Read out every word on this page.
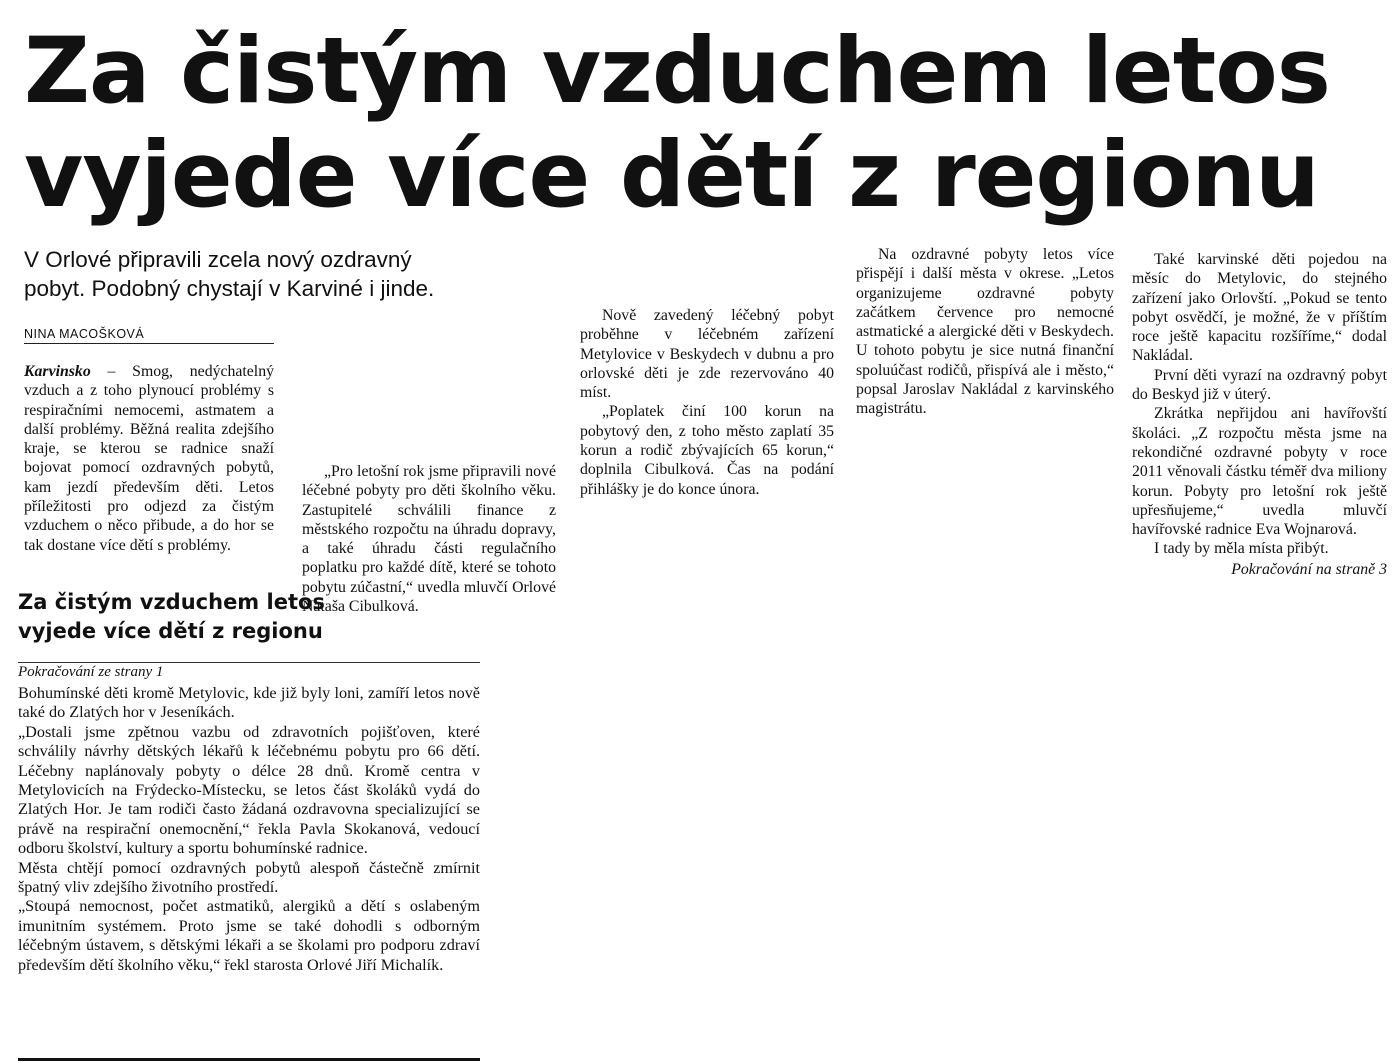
Za čistým vzduchem letos
vyjede více dětí z regionu

V Orlové připravili zcela nový ozdravný
pobyt. Podobný chystají v Karviné i jinde.

NINA MACOŠKOVÁ

Karvinsko – Smog, nedýchatelný vzduch a z toho plynoucí problémy s respiračními nemocemi, astmatem a další problémy. Běžná realita zdejšího kraje, se kterou se radnice snaží bojovat pomocí ozdravných pobytů, kam jezdí především děti. Letos příležitosti pro odjezd za čistým vzduchem o něco přibude, a do hor se tak dostane více dětí s problémy.

„Pro letošní rok jsme připravili nové léčebné pobyty pro děti školního věku. Zastupitelé schválili finance z městského rozpočtu na úhradu dopravy, a také úhradu části regulačního poplatku pro každé dítě, které se tohoto pobytu zúčastní,“ uvedla mluvčí Orlové Nataša Cibulková.

Nově zavedený léčebný pobyt proběhne v léčebném zařízení Metylovice v Beskydech v dubnu a pro orlovské děti je zde rezervováno 40 míst.

„Poplatek činí 100 korun na pobytový den, z toho město zaplatí 35 korun a rodič zbývajících 65 korun,“ doplnila Cibulková. Čas na podání přihlášky je do konce února.

Na ozdravné pobyty letos více přispějí i další města v okrese. „Letos organizujeme ozdravné pobyty začátkem července pro nemocné astmatické a alergické děti v Beskydech. U tohoto pobytu je sice nutná finanční spoluúčast rodičů, přispívá ale i město,“ popsal Jaroslav Nakládal z karvinského magistrátu.

Také karvinské děti pojedou na měsíc do Metylovic, do stejného zařízení jako Orlovští. „Pokud se tento pobyt osvědčí, je možné, že v příštím roce ještě kapacitu rozšíříme,“ dodal Nakládal.

První děti vyrazí na ozdravný pobyt do Beskyd již v úterý.

Zkrátka nepřijdou ani havířovští školáci. „Z rozpočtu města jsme na rekondičné ozdravné pobyty v roce 2011 věnovali částku téměř dva miliony korun. Pobyty pro letošní rok ještě upřesňujeme,“ uvedla mluvčí havířovské radnice Eva Wojnarová.

I tady by měla místa přibýt.

Pokračování na straně 3

Za čistým vzduchem letos
vyjede více dětí z regionu
Pokračování ze strany 1

Bohumínské děti kromě Metylovic, kde již byly loni, zamíří letos nově také do Zlatých hor v Jeseníkách.

„Dostali jsme zpětnou vazbu od zdravotních pojišťoven, které schválily návrhy dětských lékařů k léčebnému pobytu pro 66 dětí. Léčebny naplánovaly pobyty o délce 28 dnů. Kromě centra v Metylovicích na Frýdecko-Místecku, se letos část školáků vydá do Zlatých Hor. Je tam rodiči často žádaná ozdravovna specializující se právě na respirační onemocnění,“ řekla Pavla Skokanová, vedoucí odboru školství, kultury a sportu bohumínské radnice.

Města chtějí pomocí ozdravných pobytů alespoň částečně zmírnit špatný vliv zdejšího životního prostředí.

„Stoupá nemocnost, počet astmatiků, alergiků a dětí s oslabeným imunitním systémem. Proto jsme se také dohodli s odborným léčebným ústavem, s dětskými lékaři a se školami pro podporu zdraví především dětí školního věku,“ řekl starosta Orlové Jiří Michalík.
